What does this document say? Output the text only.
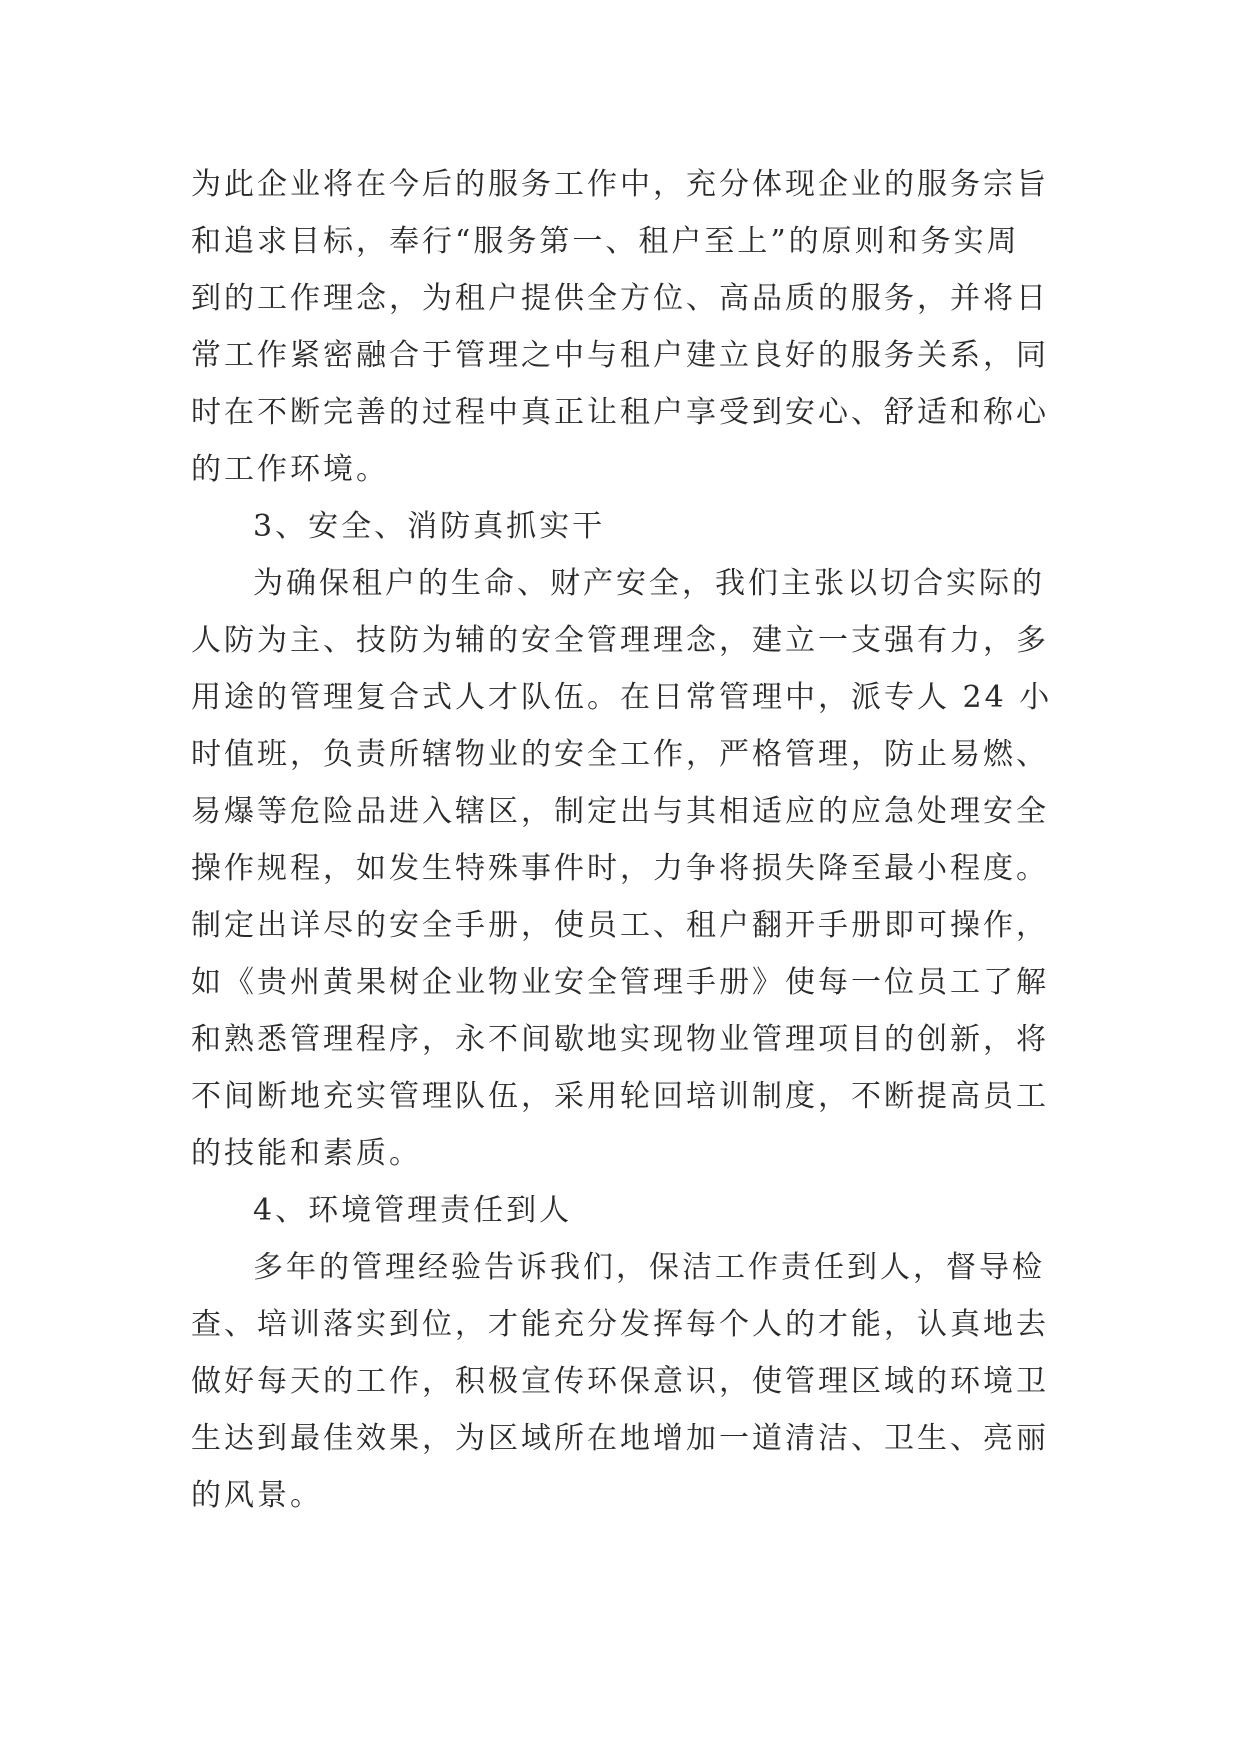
为此企业将在今后的服务工作中，充分体现企业的服务宗旨
和追求目标，奉行“服务第一、租户至上”的原则和务实周
到的工作理念，为租户提供全方位、高品质的服务，并将日
常工作紧密融合于管理之中与租户建立良好的服务关系，同
时在不断完善的过程中真正让租户享受到安心、舒适和称心
的工作环境。
3、安全、消防真抓实干
为确保租户的生命、财产安全，我们主张以切合实际的
人防为主、技防为辅的安全管理理念，建立一支强有力，多
用途的管理复合式人才队伍。在日常管理中，派专人 24 小
时值班，负责所辖物业的安全工作，严格管理，防止易燃、
易爆等危险品进入辖区，制定出与其相适应的应急处理安全
操作规程，如发生特殊事件时，力争将损失降至最小程度。
制定出详尽的安全手册，使员工、租户翻开手册即可操作，
如《贵州黄果树企业物业安全管理手册》使每一位员工了解
和熟悉管理程序，永不间歇地实现物业管理项目的创新，将
不间断地充实管理队伍，采用轮回培训制度，不断提高员工
的技能和素质。
4、环境管理责任到人
多年的管理经验告诉我们，保洁工作责任到人，督导检
查、培训落实到位，才能充分发挥每个人的才能，认真地去
做好每天的工作，积极宣传环保意识，使管理区域的环境卫
生达到最佳效果，为区域所在地增加一道清洁、卫生、亮丽
的风景。
